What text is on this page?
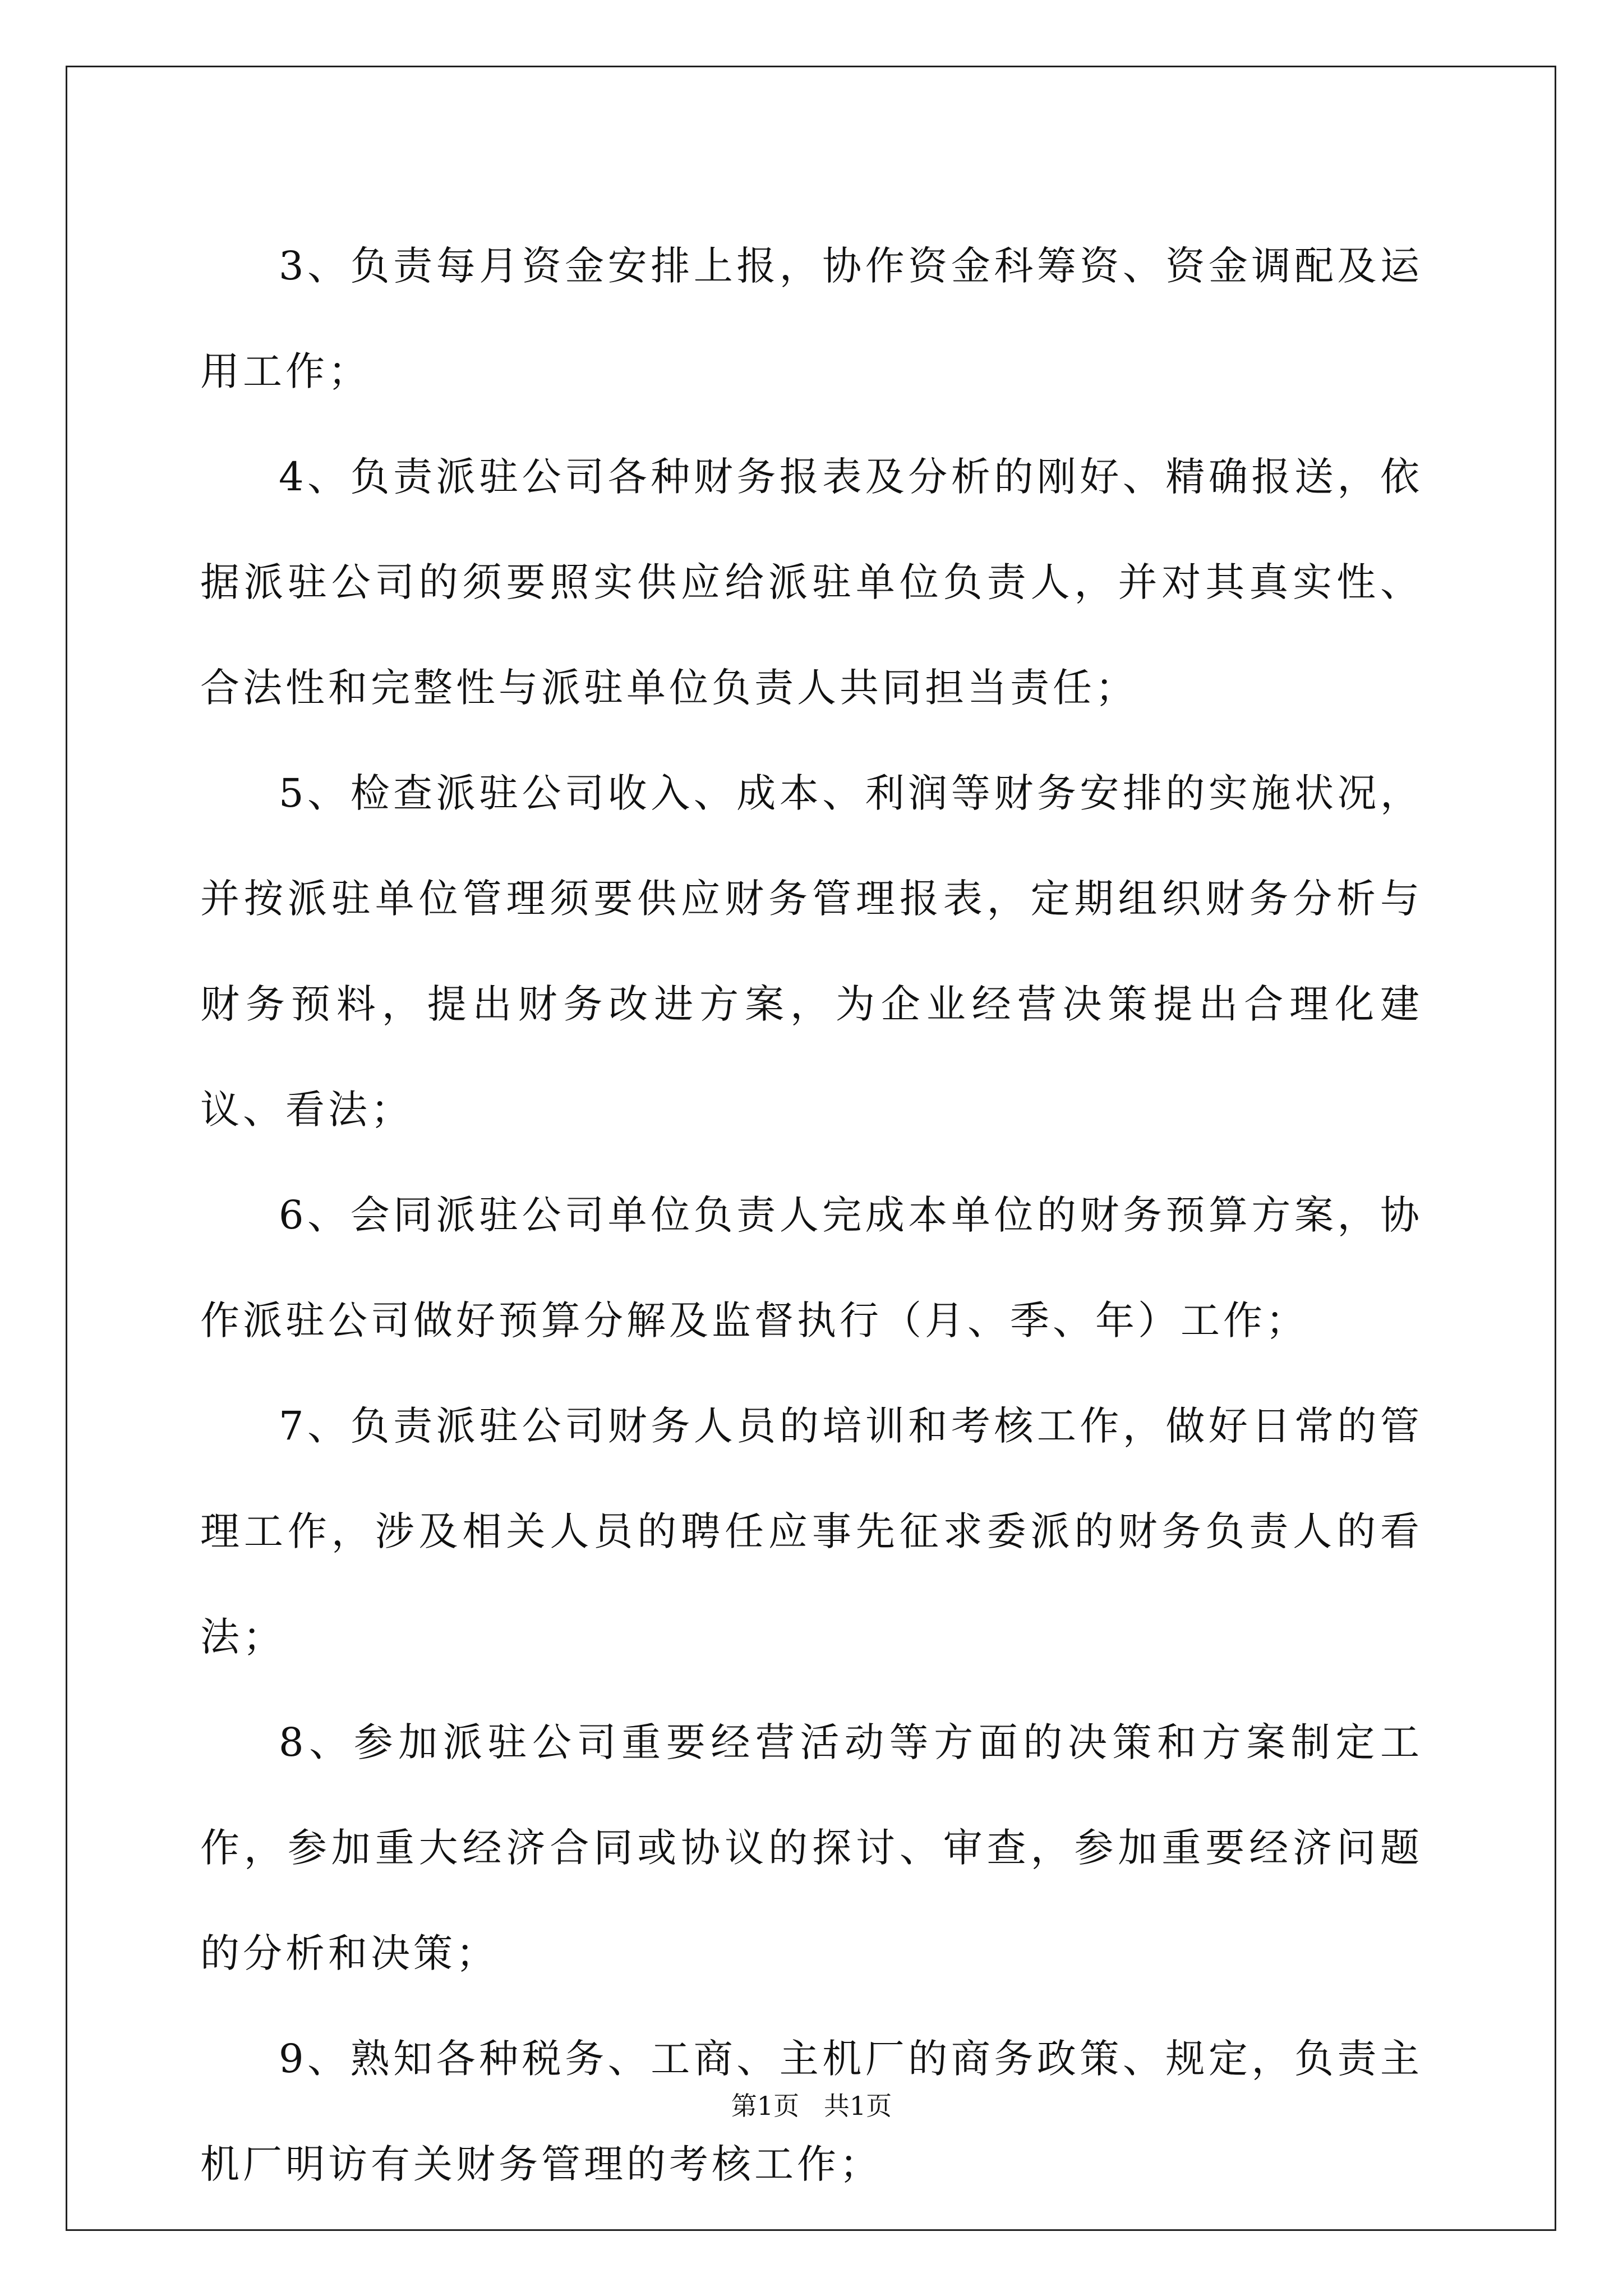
3、负责每月资金安排上报，协作资金科筹资、资金调配及运用工作；

4、负责派驻公司各种财务报表及分析的刚好、精确报送，依据派驻公司的须要照实供应给派驻单位负责人，并对其真实性、合法性和完整性与派驻单位负责人共同担当责任；

5、检查派驻公司收入、成本、利润等财务安排的实施状况，并按派驻单位管理须要供应财务管理报表，定期组织财务分析与财务预料，提出财务改进方案，为企业经营决策提出合理化建议、看法；

6、会同派驻公司单位负责人完成本单位的财务预算方案，协作派驻公司做好预算分解及监督执行（月、季、年）工作；

7、负责派驻公司财务人员的培训和考核工作，做好日常的管理工作，涉及相关人员的聘任应事先征求委派的财务负责人的看法；

8、参加派驻公司重要经营活动等方面的决策和方案制定工作，参加重大经济合同或协议的探讨、审查，参加重要经济问题的分析和决策；

9、熟知各种税务、工商、主机厂的商务政策、规定，负责主机厂明访有关财务管理的考核工作；

第1页   共1页
